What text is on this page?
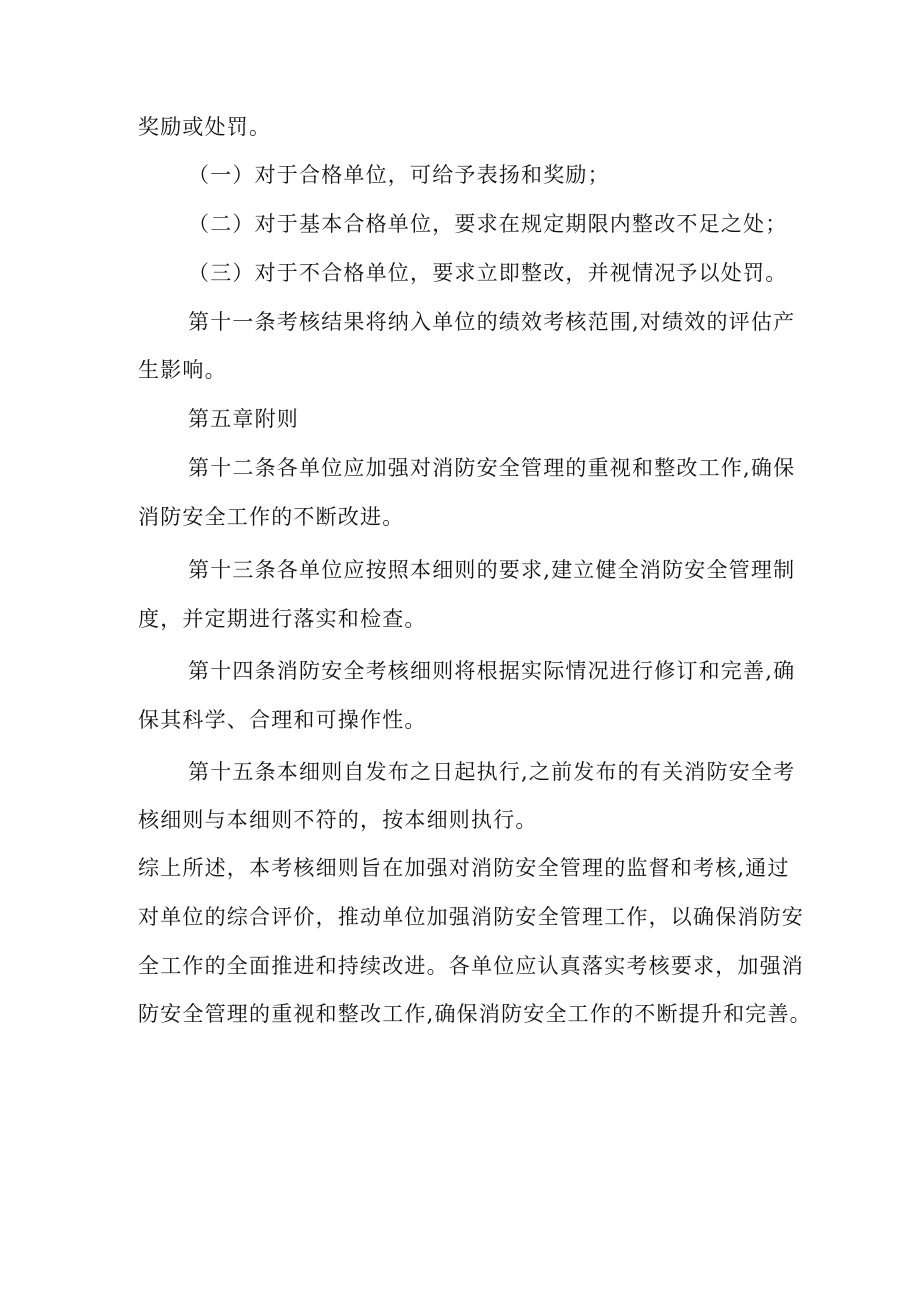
奖励或处罚。
（一）对于合格单位，可给予表扬和奖励；
（二）对于基本合格单位，要求在规定期限内整改不足之处；
（三）对于不合格单位，要求立即整改，并视情况予以处罚。
第十一条考核结果将纳入单位的绩效考核范围,对绩效的评估产
生影响。
第五章附则
第十二条各单位应加强对消防安全管理的重视和整改工作,确保
消防安全工作的不断改进。
第十三条各单位应按照本细则的要求,建立健全消防安全管理制
度，并定期进行落实和检查。
第十四条消防安全考核细则将根据实际情况进行修订和完善,确
保其科学、合理和可操作性。
第十五条本细则自发布之日起执行,之前发布的有关消防安全考
核细则与本细则不符的，按本细则执行。
综上所述，本考核细则旨在加强对消防安全管理的监督和考核,通过
对单位的综合评价，推动单位加强消防安全管理工作，以确保消防安
全工作的全面推进和持续改进。各单位应认真落实考核要求，加强消
防安全管理的重视和整改工作,确保消防安全工作的不断提升和完善。
